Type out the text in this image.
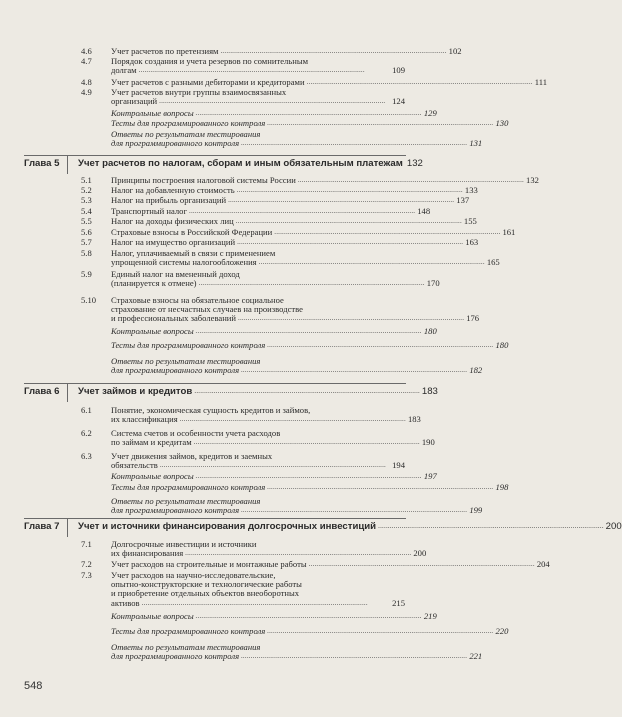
4.6 Учет расчетов по претензиям .................................................................................................................... 102
4.7 Порядок создания и учета резервов по сомнительным
долгам ....................................................................................................................	109
4.8 Учет расчетов с разными дебиторами и кредиторами .................................................................................................................... 111
4.9 Учет расчетов внутри группы взаимосвязанных
организаций .................................................................................................................... 124
Контрольные вопросы .................................................................................................................... 129
Тесты для программированного контроля .................................................................................................................... 130
Ответы по результатам тестирования
для программированного контроля .................................................................................................................... 131
Глава 5 Учет расчетов по налогам, сборам и иным обязательным платежам 132
5.1 Принципы построения налоговой системы России .................................................................................................................... 132
5.2 Налог на добавленную стоимость .................................................................................................................... 133
5.3 Налог на прибыль организаций .................................................................................................................... 137
5.4 Транспортный налог .................................................................................................................... 148
5.5 Налог на доходы физических лиц .................................................................................................................... 155
5.6 Страховые взносы в Российской Федерации .................................................................................................................... 161
5.7 Налог на имущество организаций .................................................................................................................... 163
5.8 Налог, уплачиваемый в связи с применением
упрощенной системы налогообложения .................................................................................................................... 165
5.9 Единый налог на вмененный доход
(планируется к отмене) .................................................................................................................... 170
5.10 Страховые взносы на обязательное социальное
страхование от несчастных случаев на производстве
и профессиональных заболеваний .................................................................................................................... 176
Контрольные вопросы .................................................................................................................... 180
Тесты для программированного контроля .................................................................................................................... 180
Ответы по результатам тестирования
для программированного контроля .................................................................................................................... 182
Глава 6 Учет займов и кредитов .................................................................................................................... 183
6.1 Понятие, экономическая сущность кредитов и займов,
их классификация .................................................................................................................... 183
6.2 Система счетов и особенности учета расходов
по займам и кредитам .................................................................................................................... 190
6.3 Учет движения займов, кредитов и заемных
обязательств .................................................................................................................... 194
Контрольные вопросы .................................................................................................................... 197
Тесты для программированного контроля .................................................................................................................... 198
Ответы по результатам тестирования
для программированного контроля .................................................................................................................... 199
Глава 7 Учет и источники финансирования долгосрочных инвестиций .................................................................................................................... 200
7.1 Долгосрочные инвестиции и источники
их финансирования .................................................................................................................... 200
7.2 Учет расходов на строительные и монтажные работы .................................................................................................................... 204
7.3 Учет расходов на научно-исследовательские,
опытно-конструкторские и технологические работы
и приобретение отдельных объектов внеоборотных
активов ....................................................................................................................	215
Контрольные вопросы .................................................................................................................... 219
Тесты для программированного контроля .................................................................................................................... 220
Ответы по результатам тестирования
для программированного контроля .................................................................................................................... 221
548
